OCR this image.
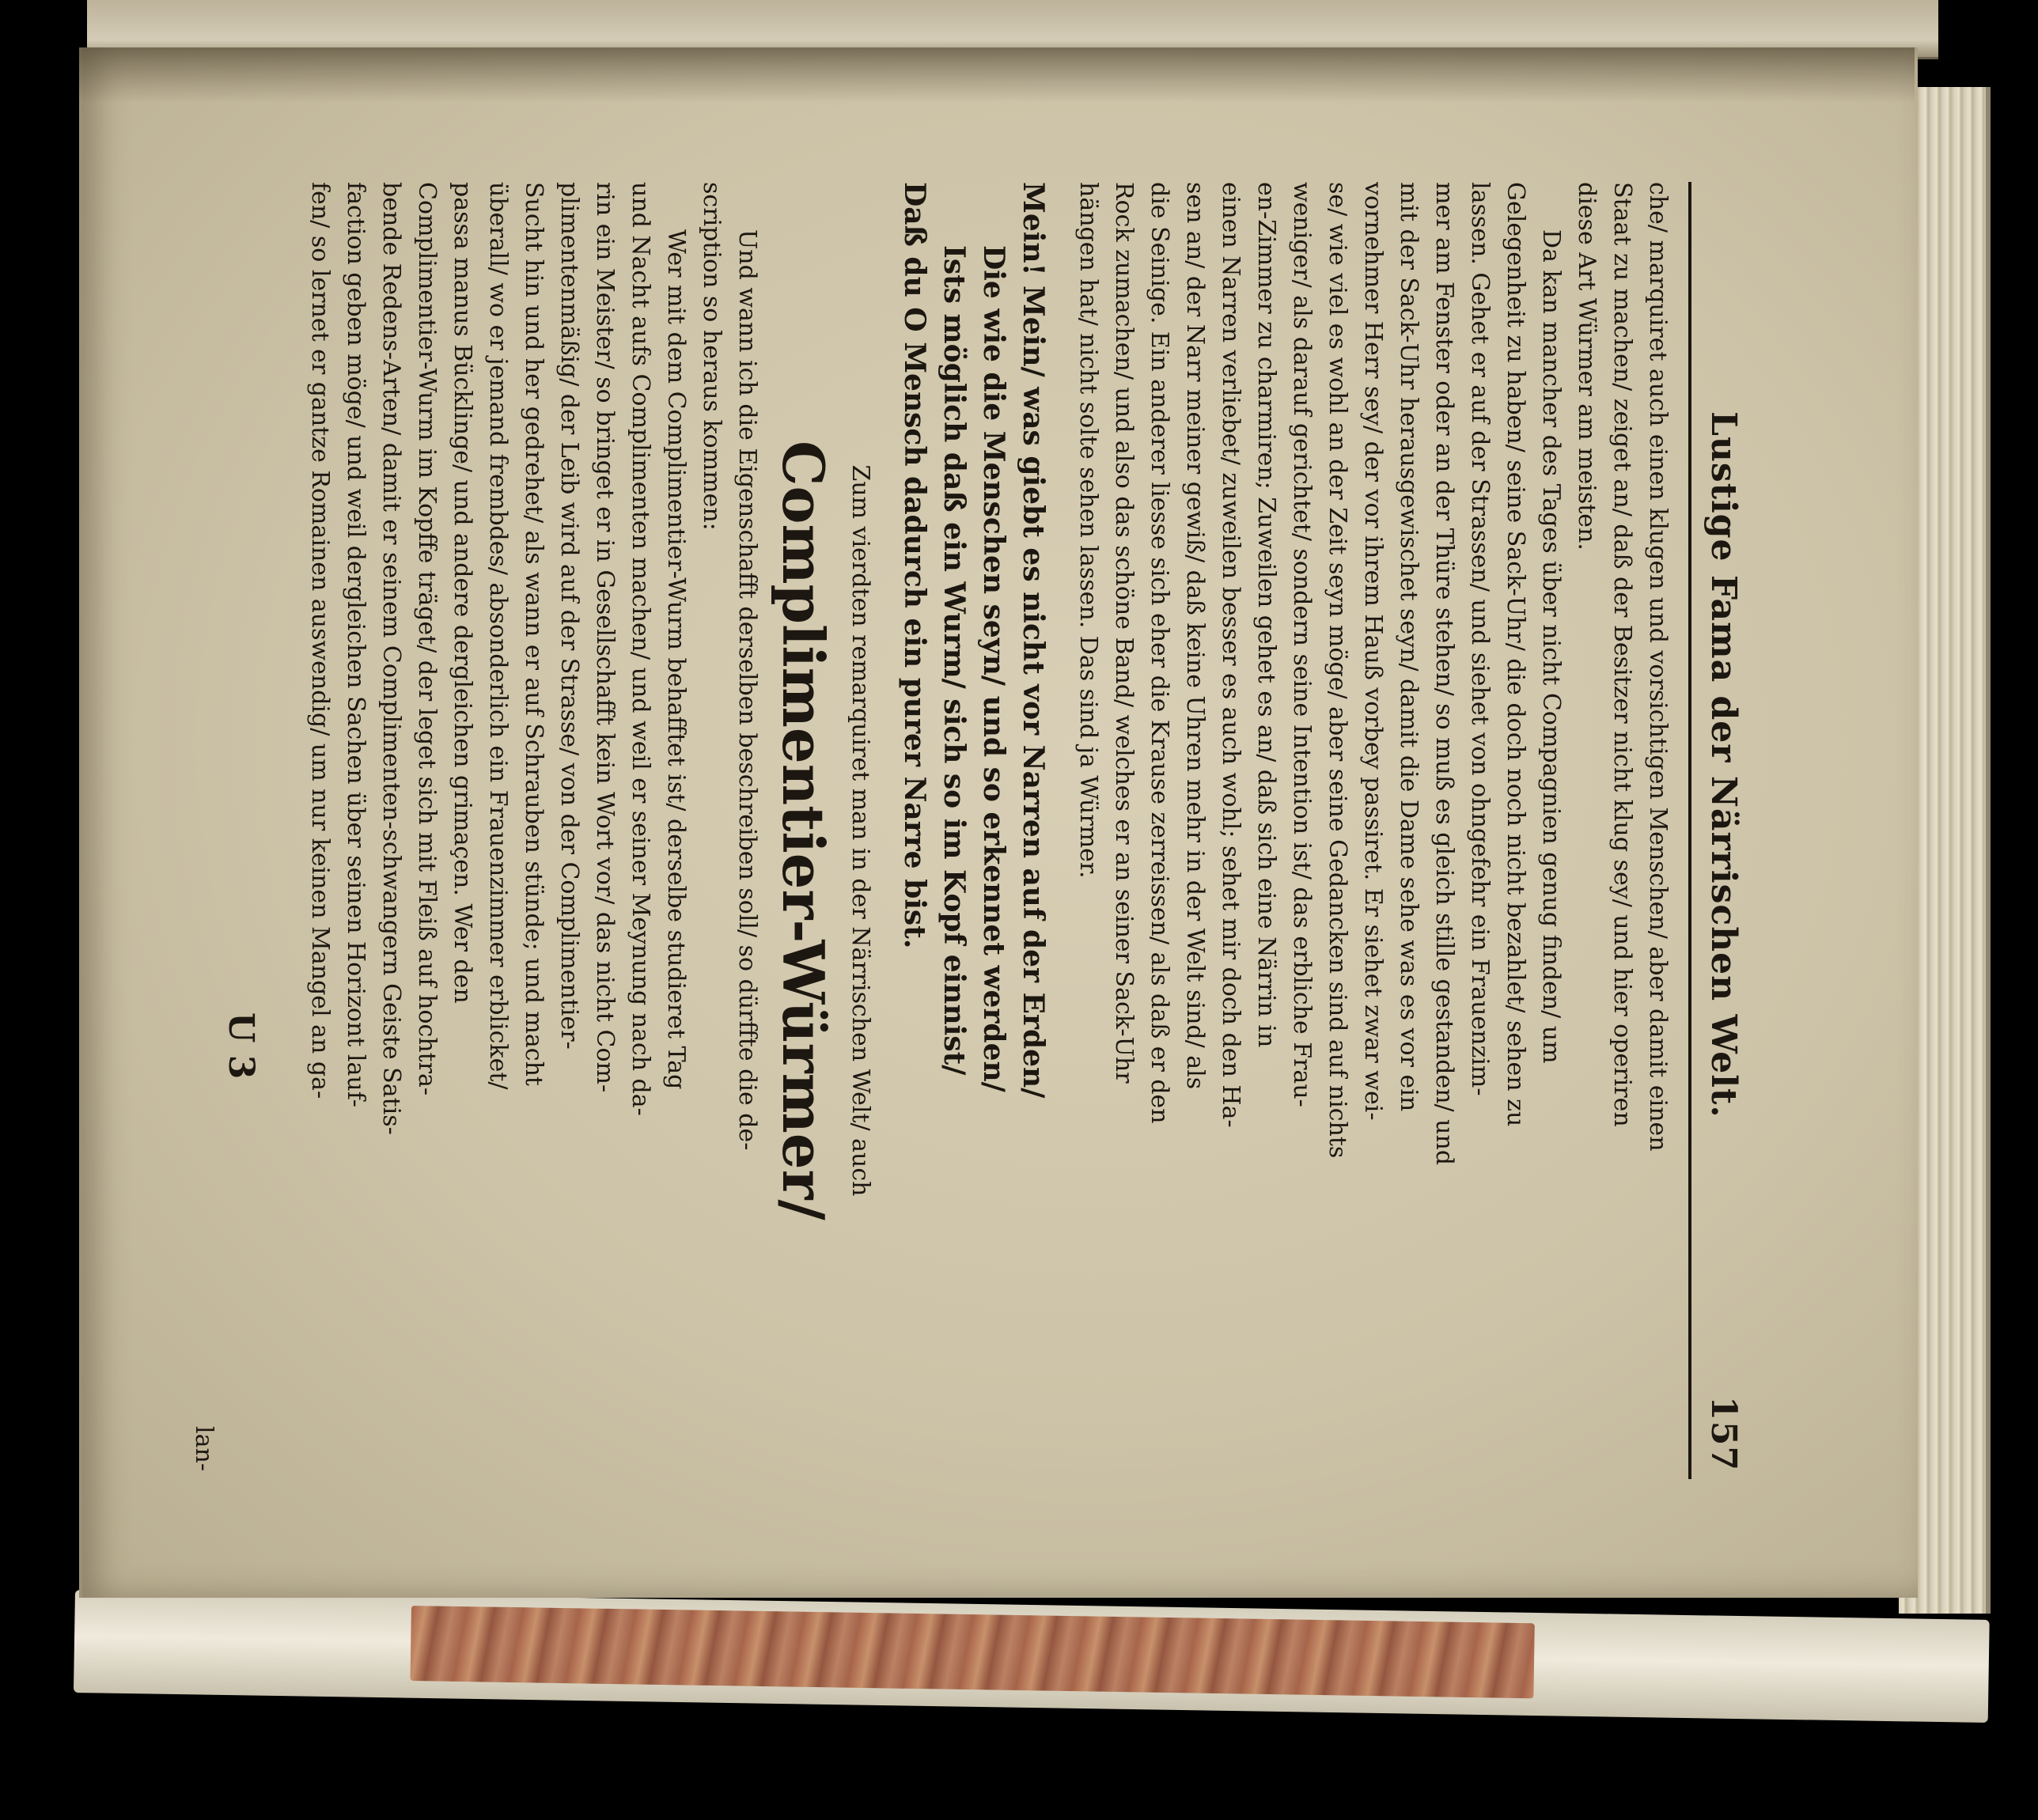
Lustige Fama der Närrischen Welt.
157
che/ marquiret auch einen klugen und vorsichtigen Menschen/ aber damit einen
Staat zu machen/ zeiget an/ daß der Besitzer nicht klug sey/ und hier operiren
diese Art Würmer am meisten.
Da kan mancher des Tages über nicht Compagnien genug finden/ um
Gelegenheit zu haben/ seine Sack-Uhr/ die doch noch nicht bezahlet/ sehen zu
lassen. Gehet er auf der Strassen/ und siehet von ohngefehr ein Frauenzim-
mer am Fenster oder an der Thüre stehen/ so muß es gleich stille gestanden/ und
mit der Sack-Uhr herausgewischet seyn/ damit die Dame sehe was es vor ein
vornehmer Herr sey/ der vor ihrem Hauß vorbey passiret. Er siehet zwar wei-
se/ wie viel es wohl an der Zeit seyn möge/ aber seine Gedancken sind auf nichts
weniger/ als darauf gerichtet/ sondern seine Intention ist/ das erbliche Frau-
en-Zimmer zu charmiren; Zuweilen gehet es an/ daß sich eine Närrin in
einen Narren verliebet/ zuweilen besser es auch wohl; sehet mir doch den Ha-
sen an/ der Narr meiner gewiß/ daß keine Uhren mehr in der Welt sind/ als
die Seinige. Ein anderer liesse sich eher die Krause zerreissen/ als daß er den
Rock zumachen/ und also das schöne Band/ welches er an seiner Sack-Uhr
hängen hat/ nicht solte sehen lassen. Das sind ja Würmer.
Mein! Mein/ was giebt es nicht vor Narren auf der Erden/
Die wie die Menschen seyn/ und so erkennet werden/
Ists möglich daß ein Wurm/ sich so im Kopf einnist/
Daß du O Mensch dadurch ein purer Narre bist.
Zum vierdten remarquiret man in der Närrischen Welt/ auch
Complimentier-Würmer/
Und wann ich die Eigenschafft derselben beschreiben soll/ so dürffte die de-
scription so heraus kommen:
Wer mit dem Complimentier-Wurm behafftet ist/ derselbe studieret Tag
und Nacht aufs Complimenten machen/ und weil er seiner Meynung nach da-
rin ein Meister/ so bringet er in Gesellschafft kein Wort vor/ das nicht Com-
plimentenmäßig/ der Leib wird auf der Strasse/ von der Complimentier-
Sucht hin und her gedrehet/ als wann er auf Schrauben stünde; und macht
überall/ wo er jemand frembdes/ absonderlich ein Frauenzimmer erblicket/
passa manus Bücklinge/ und andere dergleichen grimaçen. Wer den
Complimentier-Wurm im Kopffe träget/ der leget sich mit Fleiß auf hochtra-
bende Redens-Arten/ damit er seinem Complimenten-schwangern Geiste Satis-
faction geben möge/ und weil dergleichen Sachen über seinen Horizont lauf-
fen/ so lernet er gantze Romainen auswendig/ um nur keinen Mangel an ga-
U 3
lan-
